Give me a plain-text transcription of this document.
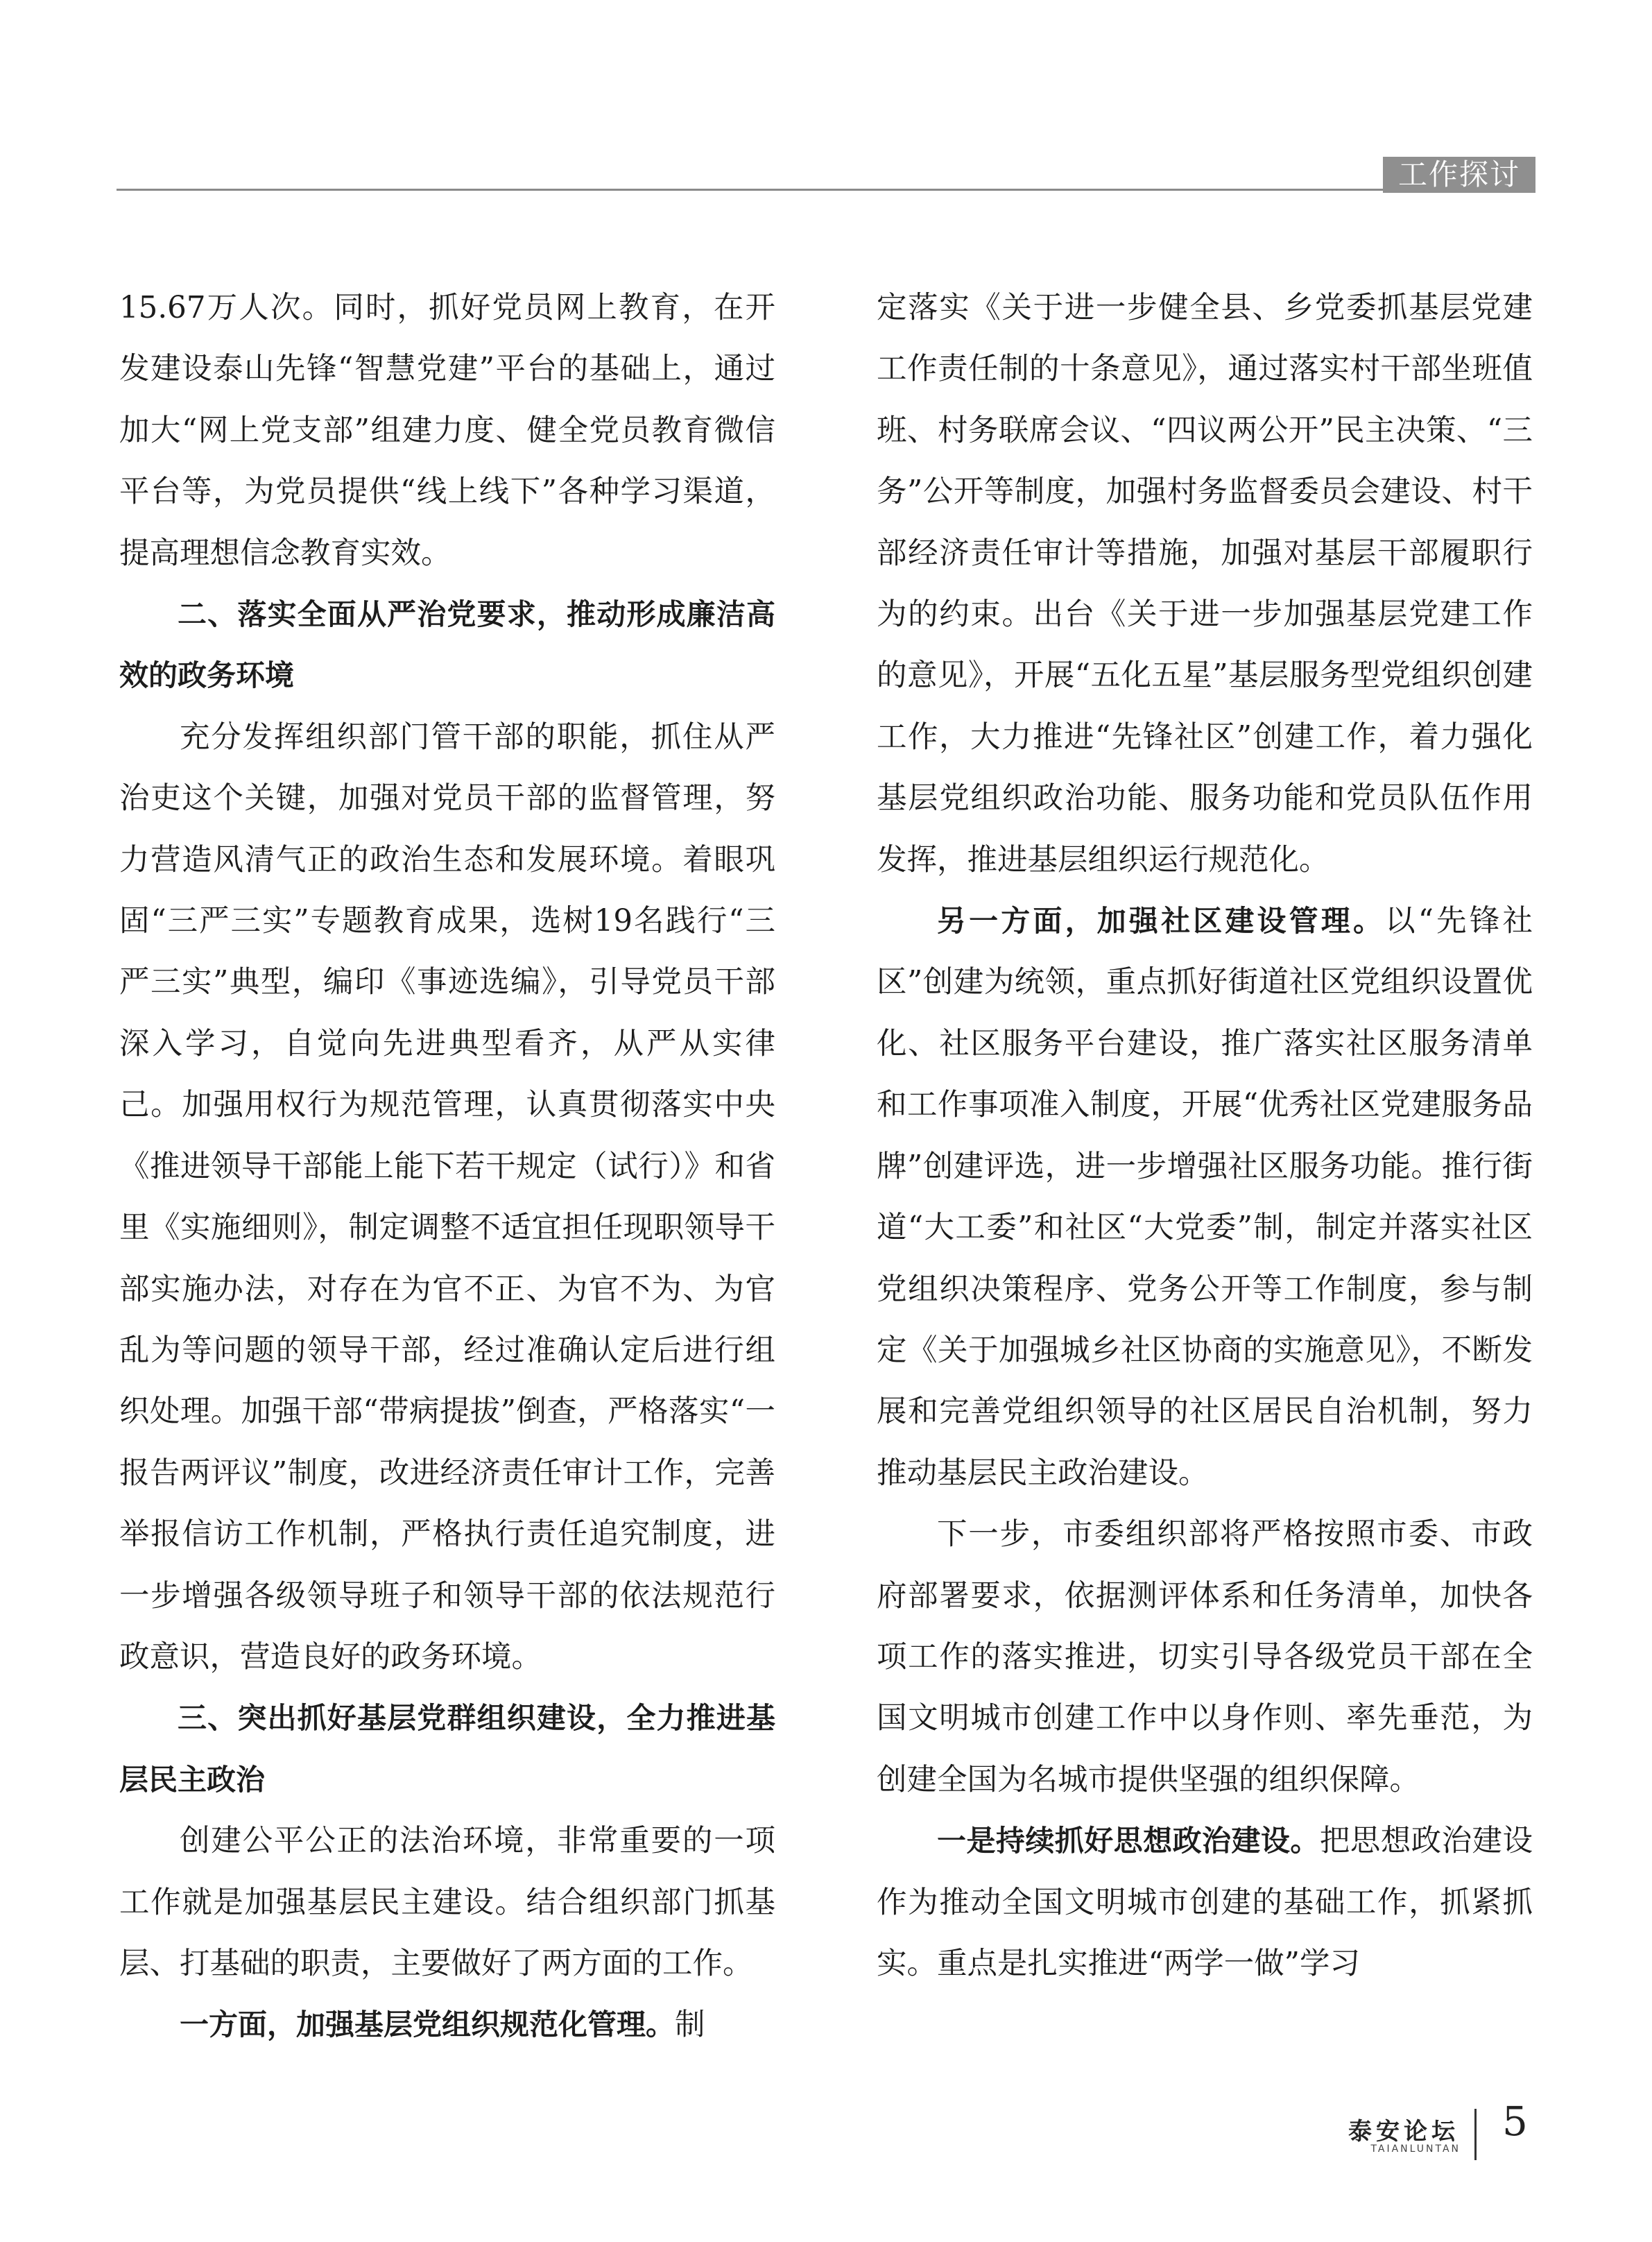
工作探讨

15.67万人次。同时，抓好党员网上教育，在开发建设泰山先锋“智慧党建”平台的基础上，通过加大“网上党支部”组建力度、健全党员教育微信平台等，为党员提供“线上线下”各种学习渠道，提高理想信念教育实效。

二、落实全面从严治党要求，推动形成廉洁高效的政务环境

充分发挥组织部门管干部的职能，抓住从严治吏这个关键，加强对党员干部的监督管理，努力营造风清气正的政治生态和发展环境。着眼巩固“三严三实”专题教育成果，选树19名践行“三严三实”典型，编印《事迹选编》，引导党员干部深入学习，自觉向先进典型看齐，从严从实律己。加强用权行为规范管理，认真贯彻落实中央《推进领导干部能上能下若干规定（试行）》和省里《实施细则》，制定调整不适宜担任现职领导干部实施办法，对存在为官不正、为官不为、为官乱为等问题的领导干部，经过准确认定后进行组织处理。加强干部“带病提拔”倒查，严格落实“一报告两评议”制度，改进经济责任审计工作，完善举报信访工作机制，严格执行责任追究制度，进一步增强各级领导班子和领导干部的依法规范行政意识，营造良好的政务环境。

三、突出抓好基层党群组织建设，全力推进基层民主政治

创建公平公正的法治环境，非常重要的一项工作就是加强基层民主建设。结合组织部门抓基层、打基础的职责，主要做好了两方面的工作。

一方面，加强基层党组织规范化管理。制

定落实《关于进一步健全县、乡党委抓基层党建工作责任制的十条意见》，通过落实村干部坐班值班、村务联席会议、“四议两公开”民主决策、“三务”公开等制度，加强村务监督委员会建设、村干部经济责任审计等措施，加强对基层干部履职行为的约束。出台《关于进一步加强基层党建工作的意见》，开展“五化五星”基层服务型党组织创建工作，大力推进“先锋社区”创建工作，着力强化基层党组织政治功能、服务功能和党员队伍作用发挥，推进基层组织运行规范化。

另一方面，加强社区建设管理。以“先锋社区”创建为统领，重点抓好街道社区党组织设置优化、社区服务平台建设，推广落实社区服务清单和工作事项准入制度，开展“优秀社区党建服务品牌”创建评选，进一步增强社区服务功能。推行街道“大工委”和社区“大党委”制，制定并落实社区党组织决策程序、党务公开等工作制度，参与制定《关于加强城乡社区协商的实施意见》，不断发展和完善党组织领导的社区居民自治机制，努力推动基层民主政治建设。

下一步，市委组织部将严格按照市委、市政府部署要求，依据测评体系和任务清单，加快各项工作的落实推进，切实引导各级党员干部在全国文明城市创建工作中以身作则、率先垂范，为创建全国为名城市提供坚强的组织保障。

一是持续抓好思想政治建设。把思想政治建设作为推动全国文明城市创建的基础工作，抓紧抓实。重点是扎实推进“两学一做”学习

泰安论坛
TAIANLUNTAN
5
